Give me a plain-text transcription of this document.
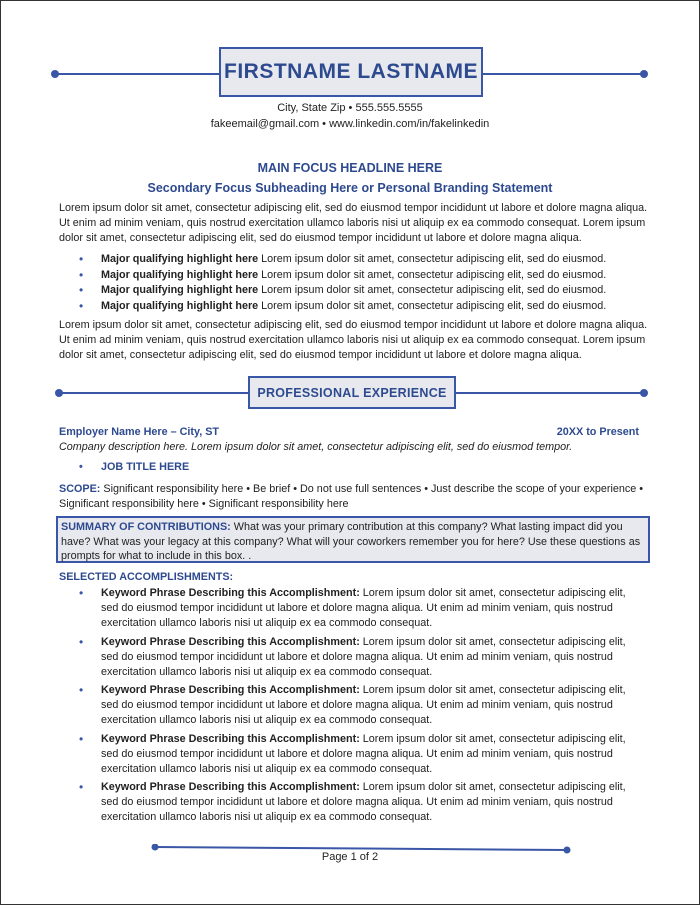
FIRSTNAME LASTNAME
City, State Zip • 555.555.5555
fakeemail@gmail.com • www.linkedin.com/in/fakelinkedin
MAIN FOCUS HEADLINE HERE
Secondary Focus Subheading Here or Personal Branding Statement
Lorem ipsum dolor sit amet, consectetur adipiscing elit, sed do eiusmod tempor incididunt ut labore et dolore magna aliqua. Ut enim ad minim veniam, quis nostrud exercitation ullamco laboris nisi ut aliquip ex ea commodo consequat. Lorem ipsum dolor sit amet, consectetur adipiscing elit, sed do eiusmod tempor incididunt ut labore et dolore magna aliqua.
• Major qualifying highlight here Lorem ipsum dolor sit amet, consectetur adipiscing elit, sed do eiusmod.
• Major qualifying highlight here Lorem ipsum dolor sit amet, consectetur adipiscing elit, sed do eiusmod.
• Major qualifying highlight here Lorem ipsum dolor sit amet, consectetur adipiscing elit, sed do eiusmod.
• Major qualifying highlight here Lorem ipsum dolor sit amet, consectetur adipiscing elit, sed do eiusmod.
Lorem ipsum dolor sit amet, consectetur adipiscing elit, sed do eiusmod tempor incididunt ut labore et dolore magna aliqua. Ut enim ad minim veniam, quis nostrud exercitation ullamco laboris nisi ut aliquip ex ea commodo consequat. Lorem ipsum dolor sit amet, consectetur adipiscing elit, sed do eiusmod tempor incididunt ut labore et dolore magna aliqua.
PROFESSIONAL EXPERIENCE
Employer Name Here – City, ST	20XX to Present
Company description here. Lorem ipsum dolor sit amet, consectetur adipiscing elit, sed do eiusmod tempor.
• JOB TITLE HERE
SCOPE: Significant responsibility here • Be brief • Do not use full sentences • Just describe the scope of your experience • Significant responsibility here • Significant responsibility here
SUMMARY OF CONTRIBUTIONS: What was your primary contribution at this company? What lasting impact did you have? What was your legacy at this company? What will your coworkers remember you for here? Use these questions as prompts for what to include in this box. .
SELECTED ACCOMPLISHMENTS:
• Keyword Phrase Describing this Accomplishment: Lorem ipsum dolor sit amet, consectetur adipiscing elit, sed do eiusmod tempor incididunt ut labore et dolore magna aliqua. Ut enim ad minim veniam, quis nostrud exercitation ullamco laboris nisi ut aliquip ex ea commodo consequat.
• Keyword Phrase Describing this Accomplishment: Lorem ipsum dolor sit amet, consectetur adipiscing elit, sed do eiusmod tempor incididunt ut labore et dolore magna aliqua. Ut enim ad minim veniam, quis nostrud exercitation ullamco laboris nisi ut aliquip ex ea commodo consequat.
• Keyword Phrase Describing this Accomplishment: Lorem ipsum dolor sit amet, consectetur adipiscing elit, sed do eiusmod tempor incididunt ut labore et dolore magna aliqua. Ut enim ad minim veniam, quis nostrud exercitation ullamco laboris nisi ut aliquip ex ea commodo consequat.
• Keyword Phrase Describing this Accomplishment: Lorem ipsum dolor sit amet, consectetur adipiscing elit, sed do eiusmod tempor incididunt ut labore et dolore magna aliqua. Ut enim ad minim veniam, quis nostrud exercitation ullamco laboris nisi ut aliquip ex ea commodo consequat.
• Keyword Phrase Describing this Accomplishment: Lorem ipsum dolor sit amet, consectetur adipiscing elit, sed do eiusmod tempor incididunt ut labore et dolore magna aliqua. Ut enim ad minim veniam, quis nostrud exercitation ullamco laboris nisi ut aliquip ex ea commodo consequat.
Page 1 of 2
